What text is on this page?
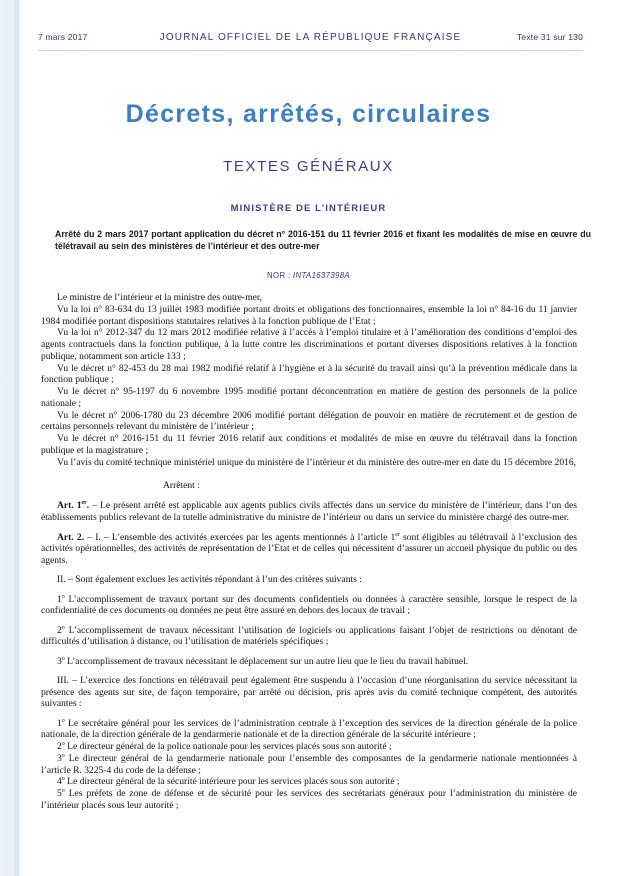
7 mars 2017	JOURNAL OFFICIEL DE LA RÉPUBLIQUE FRANÇAISE	Texte 31 sur 130
Décrets, arrêtés, circulaires
TEXTES GÉNÉRAUX
MINISTÈRE DE L’INTÉRIEUR
Arrêté du 2 mars 2017 portant application du décret n° 2016-151 du 11 février 2016 et fixant les modalités de mise en œuvre du télétravail au sein des ministères de l’intérieur et des outre-mer
NOR : INTA1637398A

Le ministre de l’intérieur et la ministre des outre-mer,

Vu la loi n° 83-634 du 13 juillet 1983 modifiée portant droits et obligations des fonctionnaires, ensemble la loi n° 84-16 du 11 janvier 1984 modifiée portant dispositions statutaires relatives à la fonction publique de l’Etat ;

Vu la loi n° 2012-347 du 12 mars 2012 modifiée relative à l’accès à l’emploi titulaire et à l’amélioration des conditions d’emploi des agents contractuels dans la fonction publique, à la lutte contre les discriminations et portant diverses dispositions relatives à la fonction publique, notamment son article 133 ;

Vu le décret n° 82-453 du 28 mai 1982 modifié relatif à l’hygiène et à la sécurité du travail ainsi qu’à la prévention médicale dans la fonction publique ;

Vu le décret n° 95-1197 du 6 novembre 1995 modifié portant déconcentration en matière de gestion des personnels de la police nationale ;

Vu le décret n° 2006-1780 du 23 décembre 2006 modifié portant délégation de pouvoir en matière de recrutement et de gestion de certains personnels relevant du ministère de l’intérieur ;

Vu le décret n° 2016-151 du 11 février 2016 relatif aux conditions et modalités de mise en œuvre du télétravail dans la fonction publique et la magistrature ;

Vu l’avis du comité technique ministériel unique du ministère de l’intérieur et du ministère des outre-mer en date du 15 décembre 2016,

Arrêtent :

Art. 1er. – Le présent arrêté est applicable aux agents publics civils affectés dans un service du ministère de l’intérieur, dans l’un des établissements publics relevant de la tutelle administrative du ministre de l’intérieur ou dans un service du ministère chargé des outre-mer.

Art. 2. – I. – L’ensemble des activités exercées par les agents mentionnés à l’article 1er sont éligibles au télétravail à l’exclusion des activités opérationnelles, des activités de représentation de l’Etat et de celles qui nécessitent d’assurer un accueil physique du public ou des agents.

II. – Sont également exclues les activités répondant à l’un des critères suivants :

1$^o$ L’accomplissement de travaux portant sur des documents confidentiels ou données à caractère sensible, lorsque le respect de la confidentialité de ces documents ou données ne peut être assuré en dehors des locaux de travail ;

2$^o$ L’accomplissement de travaux nécessitant l’utilisation de logiciels ou applications faisant l’objet de restrictions ou dénotant de difficultés d’utilisation à distance, ou l’utilisation de matériels spécifiques ;

3$^o$ L’accomplissement de travaux nécessitant le déplacement sur un autre lieu que le lieu du travail habituel.

III. – L’exercice des fonctions en télétravail peut également être suspendu à l’occasion d’une réorganisation du service nécessitant la présence des agents sur site, de façon temporaire, par arrêté ou décision, pris après avis du comité technique compétent, des autorités suivantes :

1$^o$ Le secrétaire général pour les services de l’administration centrale à l’exception des services de la direction générale de la police nationale, de la direction générale de la gendarmerie nationale et de la direction générale de la sécurité intérieure ;

2$^o$ Le directeur général de la police nationale pour les services placés sous son autorité ;

3$^o$ Le directeur général de la gendarmerie nationale pour l’ensemble des composantes de la gendarmerie nationale mentionnées à l’article R. 3225-4 du code de la défense ;

4$^o$ Le directeur général de la sécurité intérieure pour les services placés sous son autorité ;

5$^o$ Les préfets de zone de défense et de sécurité pour les services des secrétariats généraux pour l’administration du ministère de l’intérieur placés sous leur autorité ;
